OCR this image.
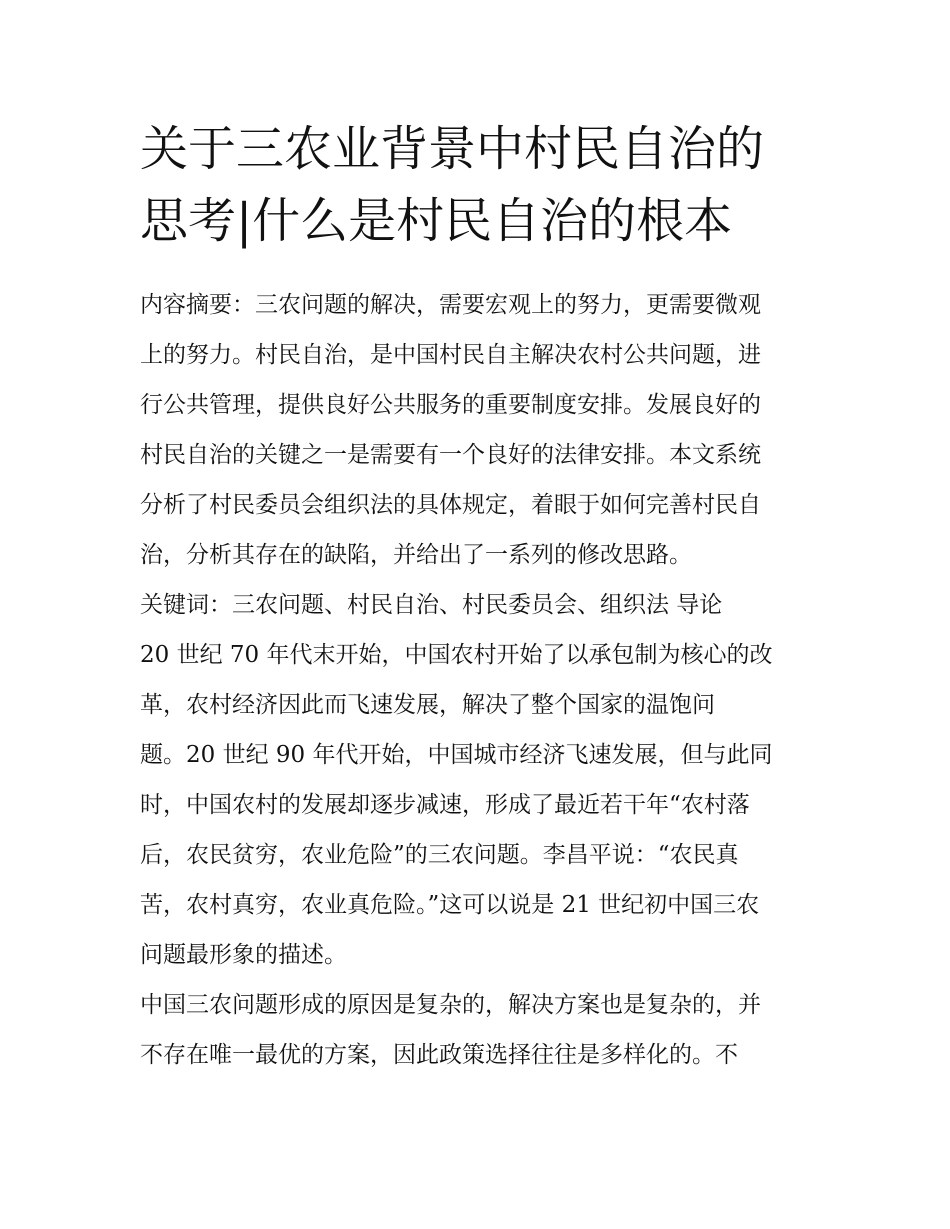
关于三农业背景中村民自治的
思考|什么是村民自治的根本
内容摘要：三农问题的解决，需要宏观上的努力，更需要微观
上的努力。村民自治，是中国村民自主解决农村公共问题，进
行公共管理，提供良好公共服务的重要制度安排。发展良好的
村民自治的关键之一是需要有一个良好的法律安排。本文系统
分析了村民委员会组织法的具体规定，着眼于如何完善村民自
治，分析其存在的缺陷，并给出了一系列的修改思路。
关键词：三农问题、村民自治、村民委员会、组织法 导论
20 世纪 70 年代末开始，中国农村开始了以承包制为核心的改
革，农村经济因此而飞速发展，解决了整个国家的温饱问
题。20 世纪 90 年代开始，中国城市经济飞速发展，但与此同
时，中国农村的发展却逐步减速，形成了最近若干年“农村落
后，农民贫穷，农业危险”的三农问题。李昌平说：“农民真
苦，农村真穷，农业真危险。”这可以说是 21 世纪初中国三农
问题最形象的描述。
中国三农问题形成的原因是复杂的，解决方案也是复杂的，并
不存在唯一最优的方案，因此政策选择往往是多样化的。不
